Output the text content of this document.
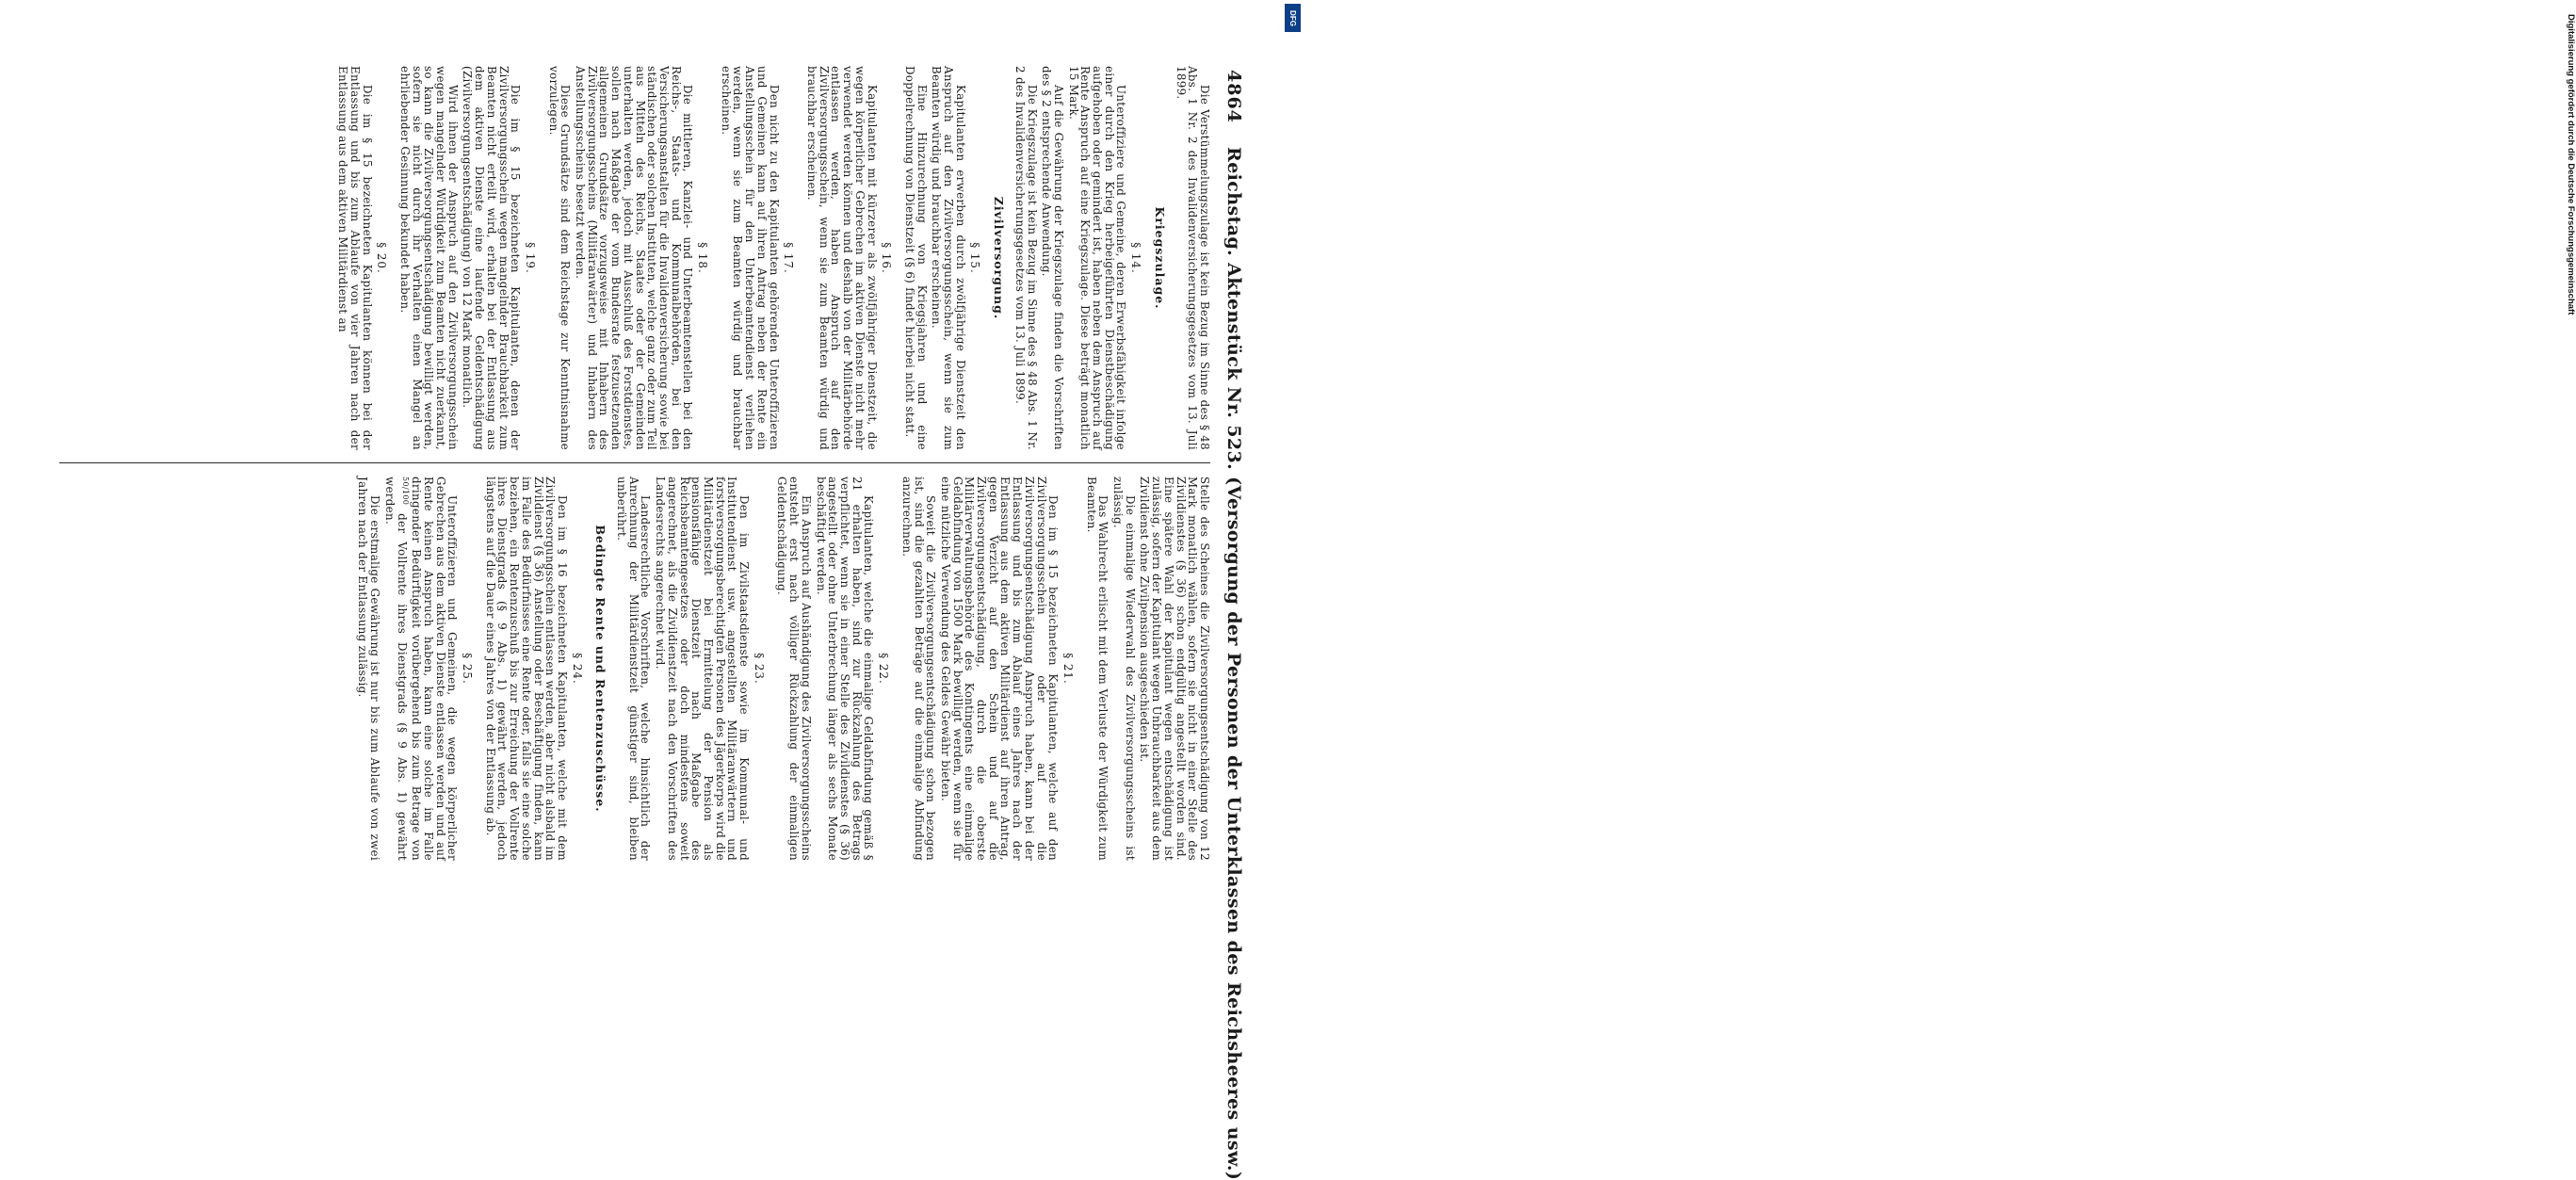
4864
Reichstag. Aktenstück Nr. 523. (Versorgung der Personen der Unterklassen des Reichsheeres usw.)

Die Verstümmelungszulage ist kein Bezug im Sinne des § 48 Abs. 1 Nr. 2 des Invalidenversicherungsgesetzes vom 13. Juli 1899.

Kriegszulage.
§ 14.

Unteroffiziere und Gemeine, deren Erwerbsfähigkeit infolge einer durch den Krieg herbeigeführten Dienstbeschädigung aufgehoben oder gemindert ist, haben neben dem Anspruch auf Rente Anspruch auf eine Kriegszulage. Diese beträgt monatlich 15 Mark.

Auf die Gewährung der Kriegszulage finden die Vorschriften des § 2 entsprechende Anwendung.

Die Kriegszulage ist kein Bezug im Sinne des § 48 Abs. 1 Nr. 2 des Invalidenversicherungsgesetzes vom 13. Juli 1899.

Zivilversorgung.
§ 15.

Kapitulanten erwerben durch zwölfjährige Dienstzeit den Anspruch auf den Zivilversorgungsschein, wenn sie zum Beamten würdig und brauchbar erscheinen.

Eine Hinzurechnung von Kriegsjahren und eine Doppelrechnung von Dienstzeit (§ 6) findet hierbei nicht statt.

§ 16.

Kapitulanten mit kürzerer als zwölfjähriger Dienstzeit, die wegen körperlicher Gebrechen im aktiven Dienste nicht mehr verwendet werden können und deshalb von der Militärbehörde entlassen werden, haben Anspruch auf den Zivilversorgungsschein, wenn sie zum Beamten würdig und brauchbar erscheinen.

§ 17.

Den nicht zu den Kapitulanten gehörenden Unteroffizieren und Gemeinen kann auf ihren Antrag neben der Rente ein Anstellungsschein für den Unterbeamtendienst verliehen werden, wenn sie zum Beamten würdig und brauchbar erscheinen.

§ 18.

Die mittleren, Kanzlei- und Unterbeamtenstellen bei den Reichs-, Staats- und Kommunalbehörden, bei den Versicherungsanstalten für die Invalidenversicherung sowie bei ständischen oder solchen Instituten, welche ganz oder zum Teil aus Mitteln des Reichs, Staates oder der Gemeinden unterhalten werden, jedoch mit Ausschluß des Forstdienstes, sollen nach Maßgabe der vom Bundesrate festzusetzenden allgemeinen Grundsätze vorzugsweise mit Inhabern des Zivilversorgungsscheins (Militäranwärter) und Inhabern des Anstellungsscheins besetzt werden.

Diese Grundsätze sind dem Reichstage zur Kenntnisnahme vorzulegen.

§ 19.

Die im § 15 bezeichneten Kapitulanten, denen der Zivilversorgungsschein wegen mangelnder Brauchbarkeit zum Beamten nicht erteilt wird, erhalten bei der Entlassung aus dem aktiven Dienste eine laufende Geldentschädigung (Zivilversorgungsentschädigung) von 12 Mark monatlich.

Wird ihnen der Anspruch auf den Zivilversorgungsschein wegen mangelnder Würdigkeit zum Beamten nicht zuerkannt, so kann die Zivilversorgungsentschädigung bewilligt werden, sofern sie nicht durch ihr Verhalten einen Mangel an ehrliebender Gesinnung bekundet haben.

§ 20.

Die im § 15 bezeichneten Kapitulanten können bei der Entlassung und bis zum Ablaufe von vier Jahren nach der Entlassung aus dem aktiven Militärdienst an

Stelle des Scheines die Zivilversorgungsentschädigung von 12 Mark monatlich wählen, sofern sie nicht in einer Stelle des Zivildienstes (§ 36) schon endgültig angestellt worden sind. Eine spätere Wahl der Kapitulant wegen entschädigung ist zulässig, sofern der Kapitulant wegen Unbrauchbarkeit aus dem Zivildienst ohne Zivilpension ausgeschieden ist.

Die einmalige Wiederwahl des Zivilversorgungsscheins ist zulässig.

Das Wahlrecht erlischt mit dem Verluste der Würdigkeit zum Beamten.

§ 21.

Den im § 15 bezeichneten Kapitulanten, welche auf den Zivilversorgungsschein oder auf die Zivilversorgungsentschädigung Anspruch haben, kann bei der Entlassung und bis zum Ablauf eines Jahres nach der Entlassung aus dem aktiven Militärdienst auf ihren Antrag, gegen Verzicht auf den Schein und auf die Zivilversorgungsentschädigung, durch die oberste Militärverwaltungsbehörde des Kontingents eine einmalige Geldabfindung von 1500 Mark bewilligt werden, wenn sie für eine nützliche Verwendung des Geldes Gewähr bieten.

Soweit die Zivilversorgungsentschädigung schon bezogen ist, sind die gezahlten Beträge auf die einmalige Abfindung anzurechnen.

§ 22.

Kapitulanten, welche die einmalige Geldabfindung gemäß § 21 erhalten haben, sind zur Rückzahlung des Betrags verpflichtet, wenn sie in einer Stelle des Zivildienstes (§ 36) angestellt oder ohne Unterbrechung länger als sechs Monate beschäftigt werden.

Ein Anspruch auf Aushändigung des Zivilversorgungsscheins entsteht erst nach völliger Rückzahlung der einmaligen Geldentschädigung.

§ 23.

Den im Zivilstaatsdienste sowie im Kommunal- und Institutendienst usw. angestellten Militäranwärtern und forstversorgungsberechtigten Personen des Jägerkorps wird die Militärdienstzeit bei Ermittelung der Pension als pensionsfähige Dienstzeit nach Maßgabe des Reichsbeamtengesetzes oder doch mindestens soweit angerechnet, als die Zivildienstzeit nach den Vorschriften des Landesrechts angerechnet wird.

Landesrechtliche Vorschriften, welche hinsichtlich der Anrechnung der Militärdienstzeit günstiger sind, bleiben unberührt.

Bedingte Rente und Rentenzuschüsse.
§ 24.

Den im § 16 bezeichneten Kapitulanten, welche mit dem Zivilversorgungsschein entlassen werden, aber nicht alsbald im Zivildienst (§ 36) Anstellung oder Beschäftigung finden, kann im Falle des Bedürfnisses eine Rente oder, falls sie eine solche beziehen, ein Rentenzuschuß bis zur Erreichung der Vollrente ihres Dienstgrads (§ 9 Abs. 1) gewährt werden, jedoch längstens auf die Dauer eines Jahres von der Entlassung ab.

§ 25.

Unteroffizieren und Gemeinen, die wegen körperlicher Gebrechen aus dem aktiven Dienste entlassen werden und auf Rente keinen Anspruch haben, kann eine solche im Falle dringender Bedürftigkeit vorübergehend bis zum Betrage von $^{50/100}$ der Vollrente ihres Dienstgrads (§ 9 Abs. 1) gewährt werden.

Die erstmalige Gewährung ist nur bis zum Ablaufe von zwei Jahren nach der Entlassung zulässig.

DFG	Digitalisierung gefördert durch die Deutsche Forschungsgemeinschaft
